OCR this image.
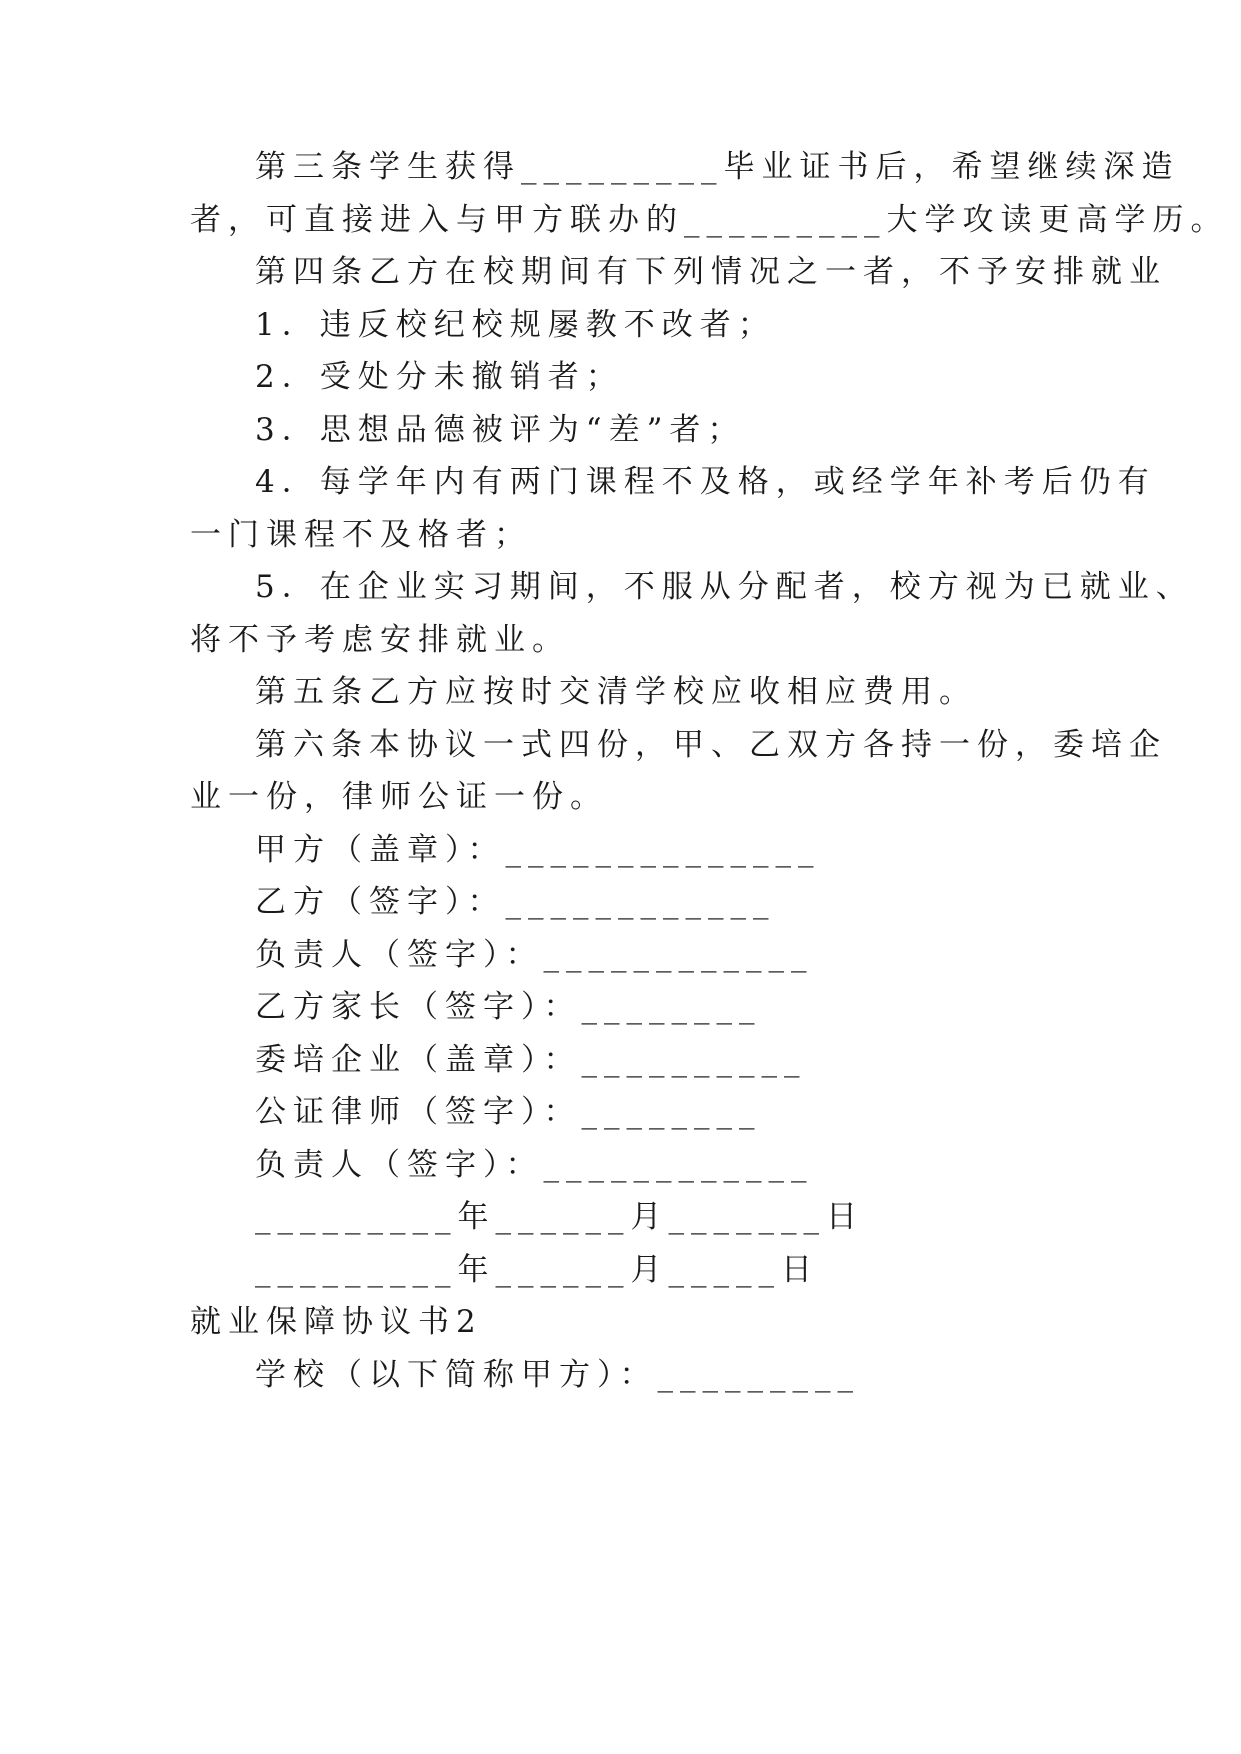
第三条学生获得_________毕业证书后，希望继续深造
者，可直接进入与甲方联办的_________大学攻读更高学历。
第四条乙方在校期间有下列情况之一者，不予安排就业
1．违反校纪校规屡教不改者；
2．受处分未撤销者；
3．思想品德被评为“差”者；
4．每学年内有两门课程不及格，或经学年补考后仍有
一门课程不及格者；
5．在企业实习期间，不服从分配者，校方视为已就业、
将不予考虑安排就业。
第五条乙方应按时交清学校应收相应费用。
第六条本协议一式四份，甲、乙双方各持一份，委培企
业一份，律师公证一份。
甲方（盖章）：______________
乙方（签字）：____________
负责人（签字）：____________
乙方家长（签字）：________
委培企业（盖章）：__________
公证律师（签字）：________
负责人（签字）：____________
_________年______月_______日
_________年______月_____日
就业保障协议书2
学校（以下简称甲方）：_________
